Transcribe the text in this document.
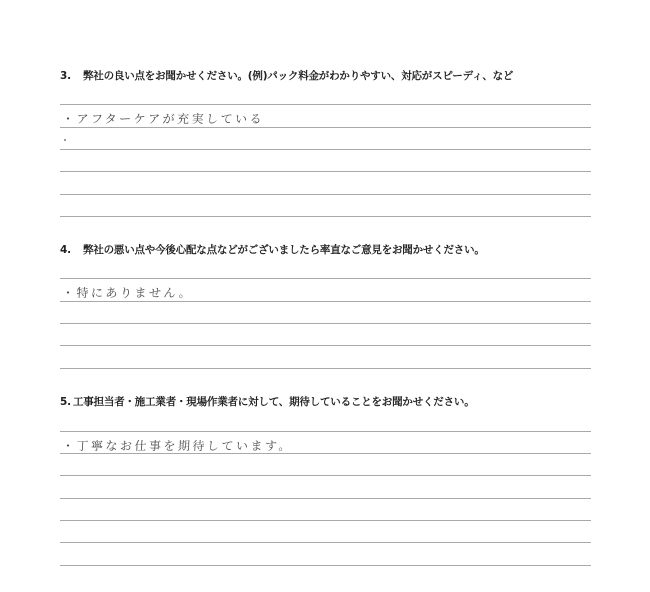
3. 弊社の良い点をお聞かせください。(例)パック料金がわかりやすい、対応がスピーディ、など
・アフターケアが充実している
4. 弊社の悪い点や今後心配な点などがございましたら率直なご意見をお聞かせください。
・特にありません。
5. 工事担当者・施工業者・現場作業者に対して、期待していることをお聞かせください。
・丁寧なお仕事を期待しています。
